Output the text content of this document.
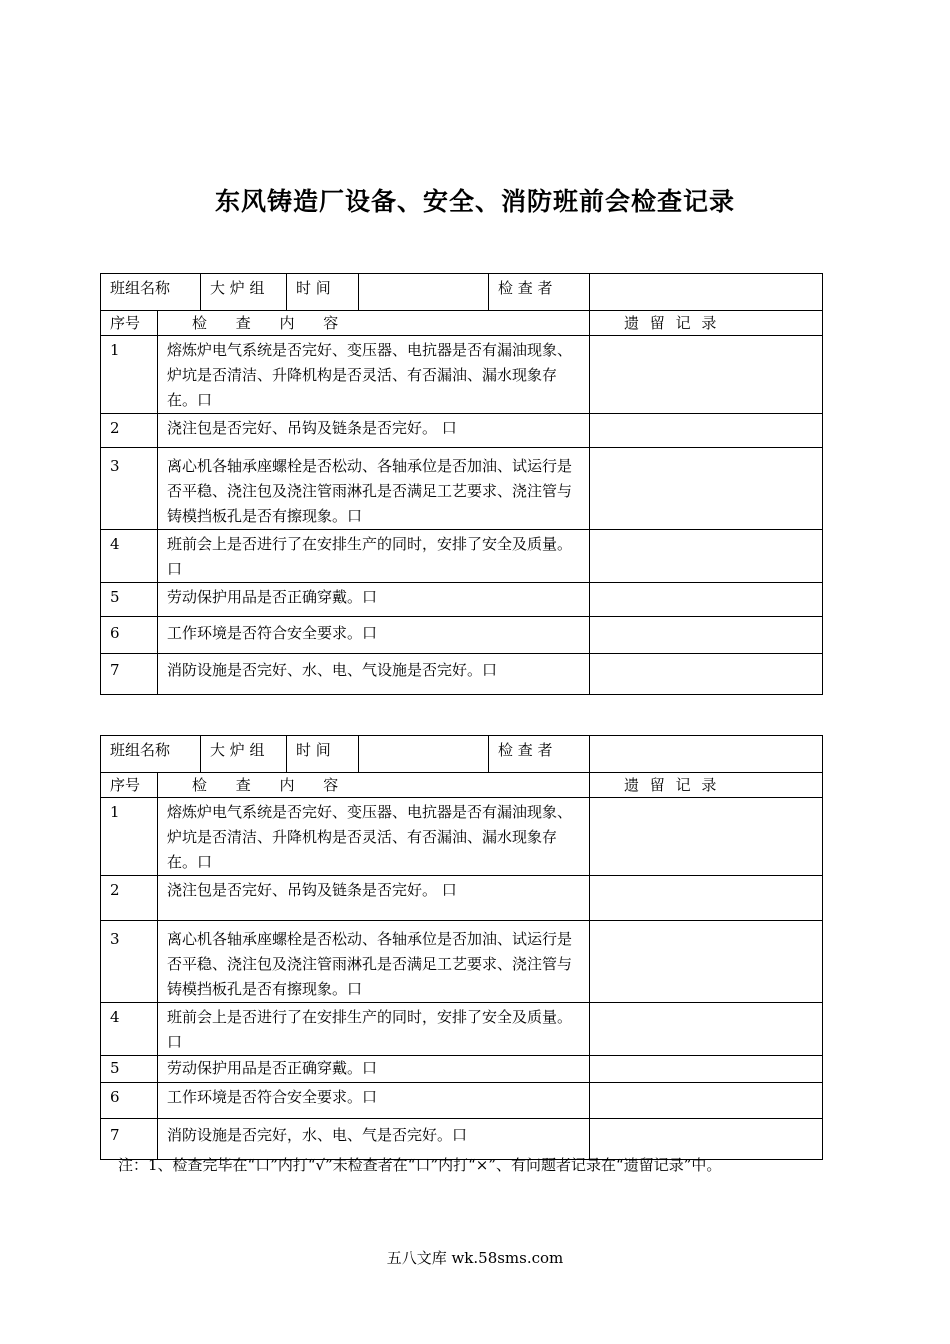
东风铸造厂设备、安全、消防班前会检查记录
班组名称		大 炉 组	时 间		检 查 者	
序号	检 查 内 容					遗 留 记 录
1	熔炼炉电气系统是否完好、变压器、电抗器是否有漏油现象、炉坑是否清洁、升降机构是否灵活、有否漏油、漏水现象存在。口					
2	浇注包是否完好、吊钩及链条是否完好。 口					
3	离心机各轴承座螺栓是否松动、各轴承位是否加油、试运行是否平稳、浇注包及浇注管雨淋孔是否满足工艺要求、浇注管与铸模挡板孔是否有擦现象。口					
4	班前会上是否进行了在安排生产的同时，安排了安全及质量。口					
5	劳动保护用品是否正确穿戴。口					
6	工作环境是否符合安全要求。口					
7	消防设施是否完好、水、电、气设施是否完好。口					
班组名称		大 炉 组	时 间		检 查 者	
序号	检 查 内 容					遗 留 记 录
1	熔炼炉电气系统是否完好、变压器、电抗器是否有漏油现象、炉坑是否清洁、升降机构是否灵活、有否漏油、漏水现象存在。口					
2	浇注包是否完好、吊钩及链条是否完好。 口					
3	离心机各轴承座螺栓是否松动、各轴承位是否加油、试运行是否平稳、浇注包及浇注管雨淋孔是否满足工艺要求、浇注管与铸模挡板孔是否有擦现象。口					
4	班前会上是否进行了在安排生产的同时，安排了安全及质量。口					
5	劳动保护用品是否正确穿戴。口					
6	工作环境是否符合安全要求。口					
7	消防设施是否完好，水、电、气是否完好。口					
注：1、检查完毕在“口”内打“√”未检查者在“口”内打“×”、有问题者记录在“遗留记录”中。
五八文库 wk.58sms.com
